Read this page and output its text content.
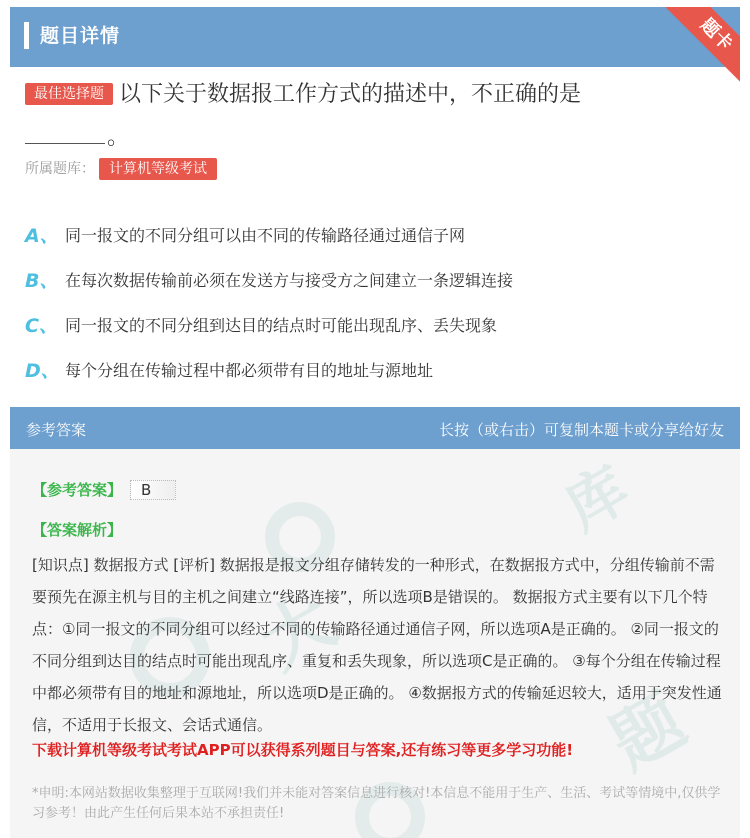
题目详情	题卡
最佳选择题 以下关于数据报工作方式的描述中，不正确的是
。
所属题库： 计算机等级考试
A、 同一报文的不同分组可以由不同的传输路径通过通信子网
B、 在每次数据传输前必须在发送方与接受方之间建立一条逻辑连接
C、 同一报文的不同分组到达目的结点时可能出现乱序、丢失现象
D、 每个分组在传输过程中都必须带有目的地址与源地址
参考答案	长按（或右击）可复制本题卡或分享给好友
库
大
题
【参考答案】 B
【答案解析】
[知识点] 数据报方式 [评析] 数据报是报文分组存储转发的一种形式，在数据报方式中，分组传输前不需要预先在源主机与目的主机之间建立“线路连接”，所以选项B是错误的。 数据报方式主要有以下几个特点：①同一报文的不同分组可以经过不同的传输路径通过通信子网，所以选项A是正确的。 ②同一报文的不同分组到达目的结点时可能出现乱序、重复和丢失现象，所以选项C是正确的。 ③每个分组在传输过程中都必须带有目的地址和源地址，所以选项D是正确的。 ④数据报方式的传输延迟较大，适用于突发性通信，不适用于长报文、会话式通信。
下载计算机等级考试考试APP可以获得系列题目与答案,还有练习等更多学习功能!
*申明:本网站数据收集整理于互联网!我们并未能对答案信息进行核对!本信息不能用于生产、生活、考试等情境中,仅供学习参考！由此产生任何后果本站不承担责任!
